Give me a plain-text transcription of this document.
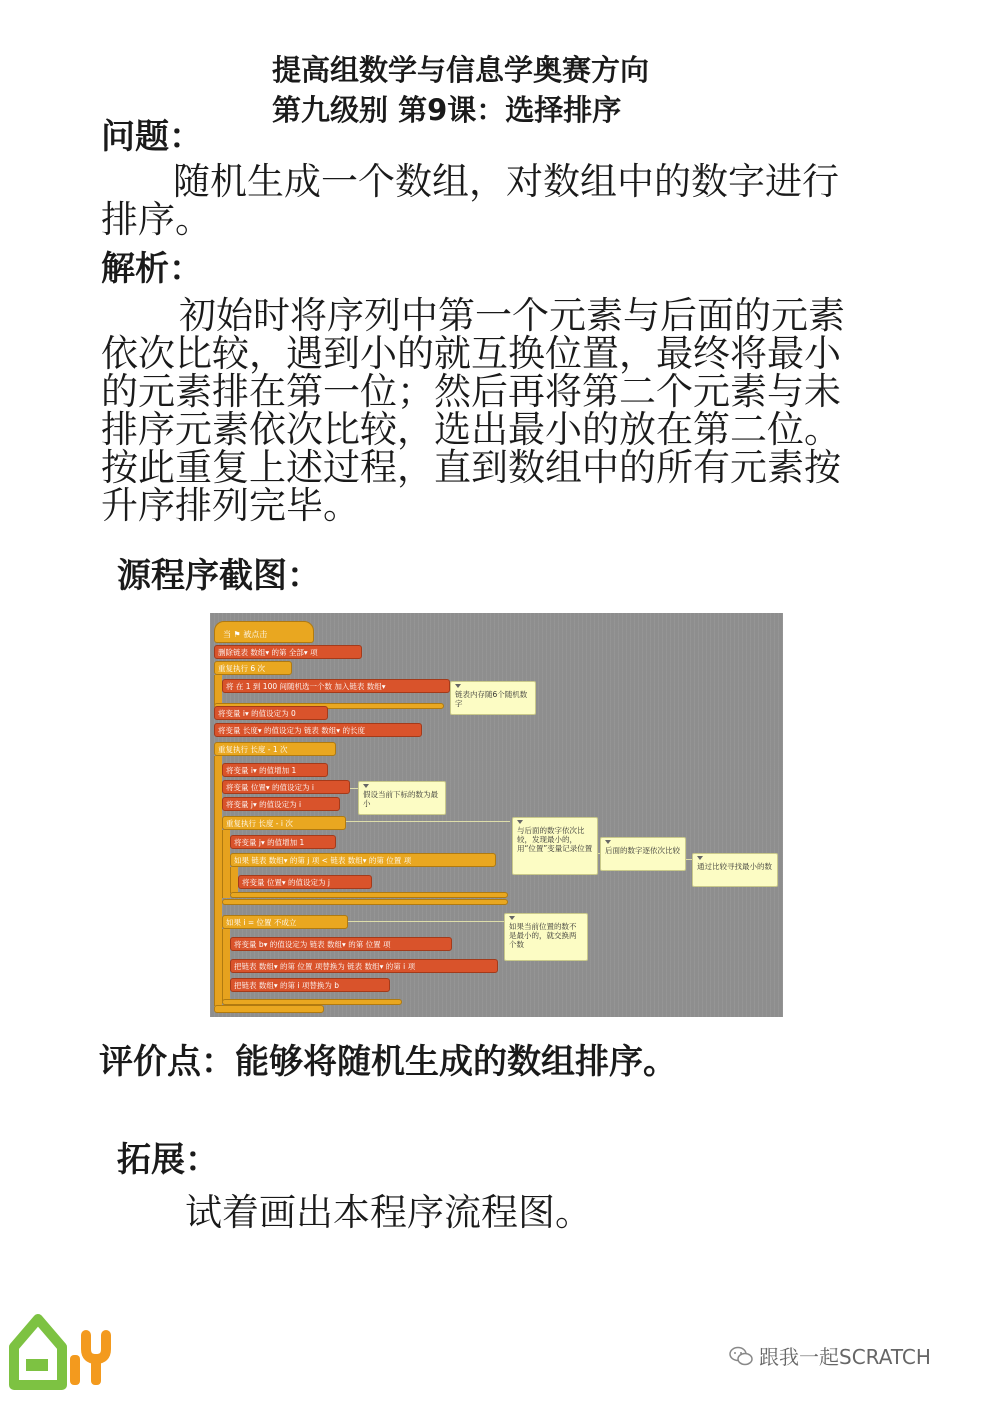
提高组数学与信息学奥赛方向
第九级别 第9课：选择排序
问题：
随机生成一个数组，对数组中的数字进行
排序。
解析：
初始时将序列中第一个元素与后面的元素
依次比较，遇到小的就互换位置，最终将最小
的元素排在第一位；然后再将第二个元素与未
排序元素依次比较，选出最小的放在第二位。
按此重复上述过程，直到数组中的所有元素按
升序排列完毕。
源程序截图：
当 ⚑ 被点击
删除链表 数组▾ 的第 全部▾ 项
重复执行 6 次
将 在 1 到 100 间随机选一个数 加入链表 数组▾
将变量 i▾ 的值设定为 0
将变量 长度▾ 的值设定为 链表 数组▾ 的长度
重复执行 长度 - 1 次
将变量 i▾ 的值增加 1
将变量 位置▾ 的值设定为 i
将变量 j▾ 的值设定为 i
重复执行 长度 - i 次
将变量 j▾ 的值增加 1
如果 链表 数组▾ 的第 j 项 < 链表 数组▾ 的第 位置 项
将变量 位置▾ 的值设定为 j
如果 i = 位置 不成立
将变量 b▾ 的值设定为 链表 数组▾ 的第 位置 项
把链表 数组▾ 的第 位置 项替换为 链表 数组▾ 的第 i 项
把链表 数组▾ 的第 i 项替换为 b
链表内存随6个随机数字
假设当前下标的数为最小
与后面的数字依次比较，发现最小的，用“位置”变量记录位置	后面的数字逐依次比较
通过比较寻找最小的数
如果当前位置的数不是最小的，就交换两个数
评价点：能够将随机生成的数组排序。
拓展：
试着画出本程序流程图。
跟我一起SCRATCH
